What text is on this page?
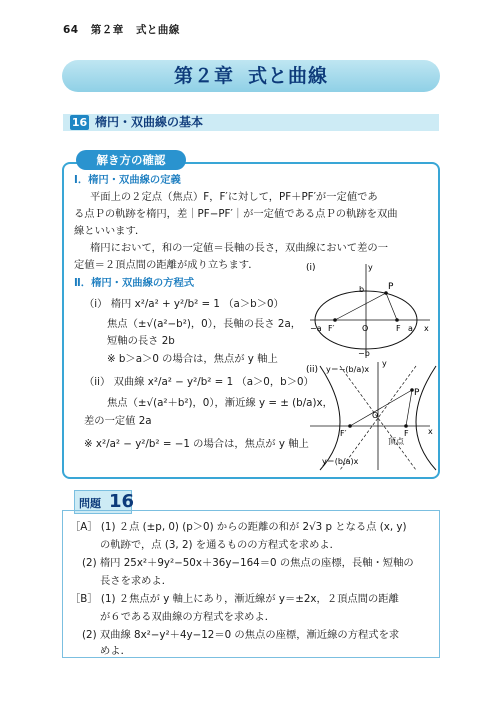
64 第２章 式と曲線
第２章 式と曲線
16 楕円・双曲線の基本
解き方の確認
Ⅰ．楕円・双曲線の定義
平面上の２定点（焦点）F，F′に対して，PF＋PF′が一定値であ
る点Ｐの軌跡を楕円，差｜PF−PF′｜が一定値である点Ｐの軌跡を双曲
線といいます．
楕円において，和の一定値＝長軸の長さ，双曲線において差の一
定値＝２頂点間の距離が成り立ちます．
Ⅱ．楕円・双曲線の方程式
（i） 楕円 x²/a² + y²/b² = 1 （a＞b＞0）
焦点（±√(a²−b²)，0），長軸の長さ 2a，
短軸の長さ 2b
※ b＞a＞0 の場合は，焦点が y 軸上
（ii） 双曲線 x²/a² − y²/b² = 1 （a＞0，b＞0）
焦点（±√(a²＋b²)，0），漸近線 y = ± (b/a)x，
差の一定値 2a
※ x²/a² − y²/b² = −1 の場合は，焦点が y 軸上
(i)
P
b
O
F′	F a x
y
−a
−b
(ii)
P
O
F′	F x
y
y＝−(b/a)x
y＝(b/a)x
頂点
問題 16
［A］ (1) ２点 (±p, 0) (p＞0) からの距離の和が 2√3 p となる点 (x, y)
の軌跡で，点 (3, 2) を通るものの方程式を求めよ．
(2) 楕円 25x²＋9y²−50x＋36y−164＝0 の焦点の座標，長軸・短軸の
長さを求めよ．
［B］ (1) ２焦点が y 軸上にあり，漸近線が y＝±2x，２頂点間の距離
が６である双曲線の方程式を求めよ．
(2) 双曲線 8x²−y²＋4y−12＝0 の焦点の座標，漸近線の方程式を求
めよ．
